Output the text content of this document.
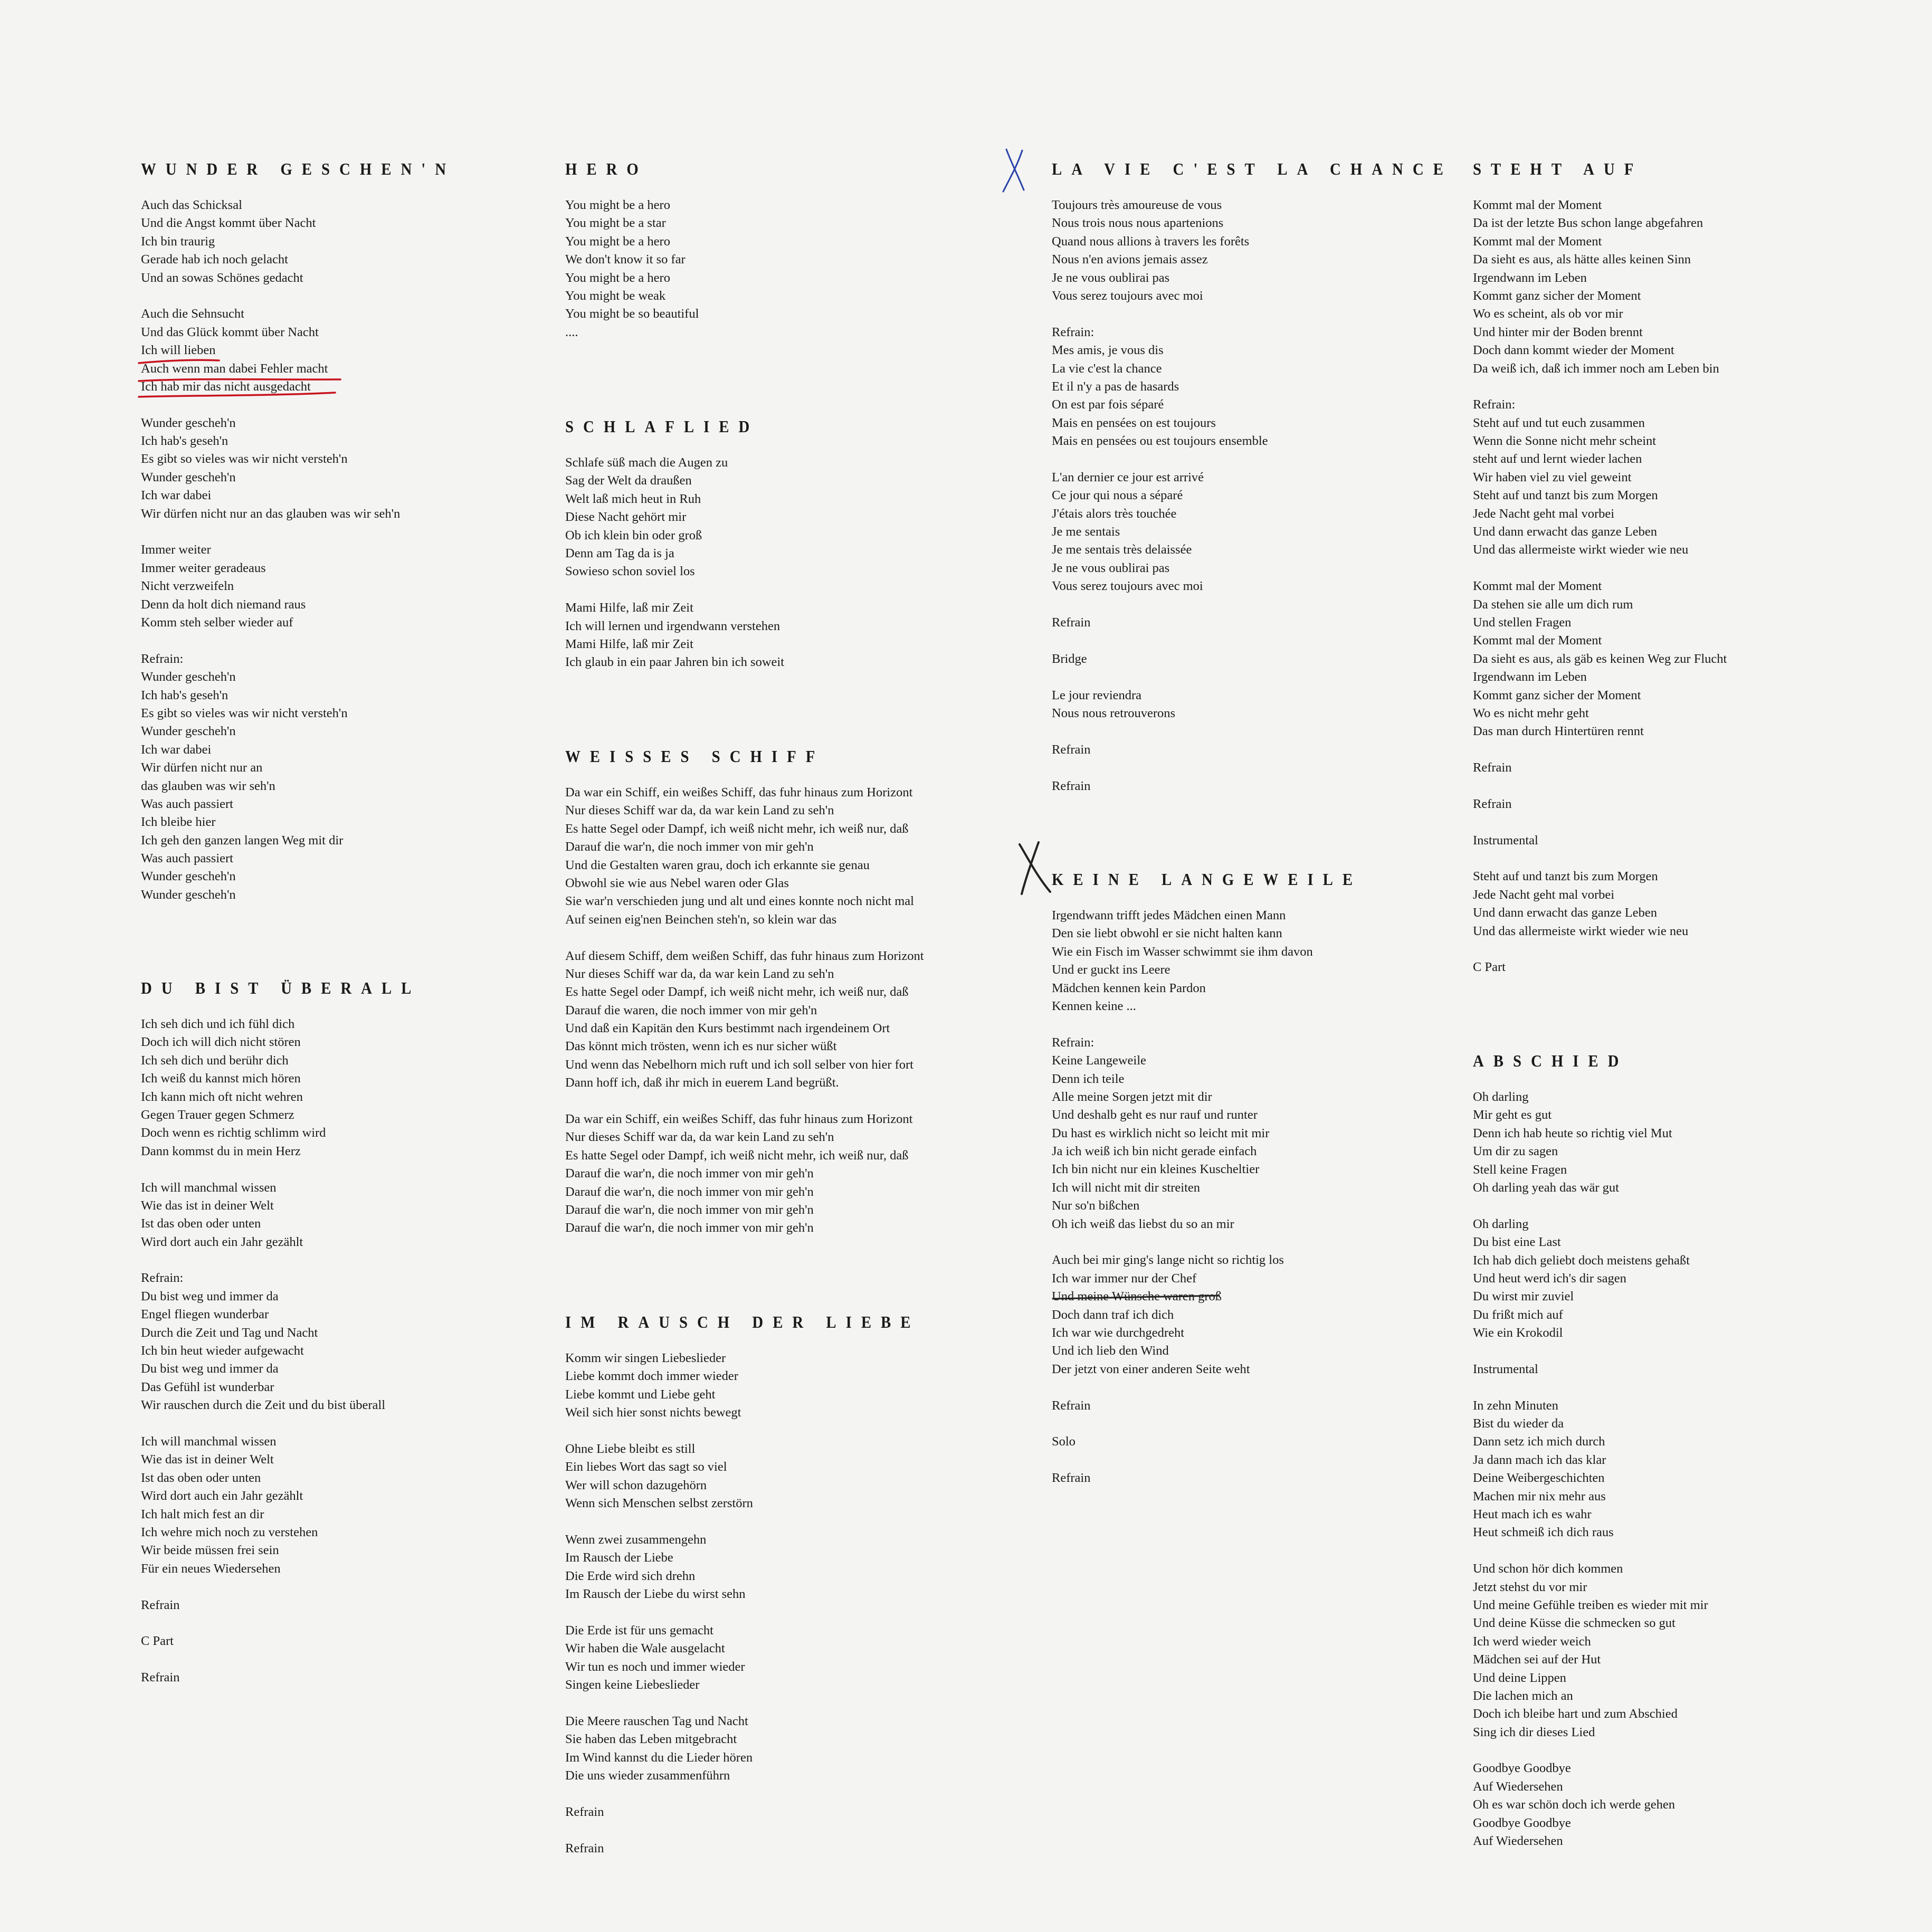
WUNDER GESCHEN'N
Auch das Schicksal
Und die Angst kommt über Nacht
Ich bin traurig
Gerade hab ich noch gelacht
Und an sowas Schönes gedacht
Auch die Sehnsucht
Und das Glück kommt über Nacht
Ich will lieben
Auch wenn man dabei Fehler macht
Ich hab mir das nicht ausgedacht
Wunder gescheh'n
Ich hab's geseh'n
Es gibt so vieles was wir nicht versteh'n
Wunder gescheh'n
Ich war dabei
Wir dürfen nicht nur an das glauben was wir seh'n
Immer weiter
Immer weiter geradeaus
Nicht verzweifeln
Denn da holt dich niemand raus
Komm steh selber wieder auf
Refrain:
Wunder gescheh'n
Ich hab's geseh'n
Es gibt so vieles was wir nicht versteh'n
Wunder gescheh'n
Ich war dabei
Wir dürfen nicht nur an
das glauben was wir seh'n
Was auch passiert
Ich bleibe hier
Ich geh den ganzen langen Weg mit dir
Was auch passiert
Wunder gescheh'n
Wunder gescheh'n
DU BIST ÜBERALL
Ich seh dich und ich fühl dich
Doch ich will dich nicht stören
Ich seh dich und berühr dich
Ich weiß du kannst mich hören
Ich kann mich oft nicht wehren
Gegen Trauer gegen Schmerz
Doch wenn es richtig schlimm wird
Dann kommst du in mein Herz
Ich will manchmal wissen
Wie das ist in deiner Welt
Ist das oben oder unten
Wird dort auch ein Jahr gezählt
Refrain:
Du bist weg und immer da
Engel fliegen wunderbar
Durch die Zeit und Tag und Nacht
Ich bin heut wieder aufgewacht
Du bist weg und immer da
Das Gefühl ist wunderbar
Wir rauschen durch die Zeit und du bist überall
Ich will manchmal wissen
Wie das ist in deiner Welt
Ist das oben oder unten
Wird dort auch ein Jahr gezählt
Ich halt mich fest an dir
Ich wehre mich noch zu verstehen
Wir beide müssen frei sein
Für ein neues Wiedersehen
Refrain
C Part
Refrain
HERO
You might be a hero
You might be a star
You might be a hero
We don't know it so far
You might be a hero
You might be weak
You might be so beautiful
....
SCHLAFLIED
Schlafe süß mach die Augen zu
Sag der Welt da draußen
Welt laß mich heut in Ruh
Diese Nacht gehört mir
Ob ich klein bin oder groß
Denn am Tag da is ja
Sowieso schon soviel los
Mami Hilfe, laß mir Zeit
Ich will lernen und irgendwann verstehen
Mami Hilfe, laß mir Zeit
Ich glaub in ein paar Jahren bin ich soweit
WEISSES SCHIFF
Da war ein Schiff, ein weißes Schiff, das fuhr hinaus zum Horizont
Nur dieses Schiff war da, da war kein Land zu seh'n
Es hatte Segel oder Dampf, ich weiß nicht mehr, ich weiß nur, daß
Darauf die war'n, die noch immer von mir geh'n
Und die Gestalten waren grau, doch ich erkannte sie genau
Obwohl sie wie aus Nebel waren oder Glas
Sie war'n verschieden jung und alt und eines konnte noch nicht mal
Auf seinen eig'nen Beinchen steh'n, so klein war das
Auf diesem Schiff, dem weißen Schiff, das fuhr hinaus zum Horizont
Nur dieses Schiff war da, da war kein Land zu seh'n
Es hatte Segel oder Dampf, ich weiß nicht mehr, ich weiß nur, daß
Darauf die waren, die noch immer von mir geh'n
Und daß ein Kapitän den Kurs bestimmt nach irgendeinem Ort
Das könnt mich trösten, wenn ich es nur sicher wüßt
Und wenn das Nebelhorn mich ruft und ich soll selber von hier fort
Dann hoff ich, daß ihr mich in euerem Land begrüßt.
Da war ein Schiff, ein weißes Schiff, das fuhr hinaus zum Horizont
Nur dieses Schiff war da, da war kein Land zu seh'n
Es hatte Segel oder Dampf, ich weiß nicht mehr, ich weiß nur, daß
Darauf die war'n, die noch immer von mir geh'n
Darauf die war'n, die noch immer von mir geh'n
Darauf die war'n, die noch immer von mir geh'n
Darauf die war'n, die noch immer von mir geh'n
IM RAUSCH DER LIEBE
Komm wir singen Liebeslieder
Liebe kommt doch immer wieder
Liebe kommt und Liebe geht
Weil sich hier sonst nichts bewegt
Ohne Liebe bleibt es still
Ein liebes Wort das sagt so viel
Wer will schon dazugehörn
Wenn sich Menschen selbst zerstörn
Wenn zwei zusammengehn
Im Rausch der Liebe
Die Erde wird sich drehn
Im Rausch der Liebe du wirst sehn
Die Erde ist für uns gemacht
Wir haben die Wale ausgelacht
Wir tun es noch und immer wieder
Singen keine Liebeslieder
Die Meere rauschen Tag und Nacht
Sie haben das Leben mitgebracht
Im Wind kannst du die Lieder hören
Die uns wieder zusammenführn
Refrain
Refrain
LA VIE C'EST LA CHANCE
Toujours très amoureuse de vous
Nous trois nous nous apartenions
Quand nous allions à travers les forêts
Nous n'en avions jemais assez
Je ne vous oublirai pas
Vous serez toujours avec moi
Refrain:
Mes amis, je vous dis
La vie c'est la chance
Et il n'y a pas de hasards
On est par fois séparé
Mais en pensées on est toujours
Mais en pensées ou est toujours ensemble
L'an dernier ce jour est arrivé
Ce jour qui nous a séparé
J'étais alors très touchée
Je me sentais
Je me sentais très delaissée
Je ne vous oublirai pas
Vous serez toujours avec moi
Refrain
Bridge
Le jour reviendra
Nous nous retrouverons
Refrain
Refrain
KEINE LANGEWEILE
Irgendwann trifft jedes Mädchen einen Mann
Den sie liebt obwohl er sie nicht halten kann
Wie ein Fisch im Wasser schwimmt sie ihm davon
Und er guckt ins Leere
Mädchen kennen kein Pardon
Kennen keine ...
Refrain:
Keine Langeweile
Denn ich teile
Alle meine Sorgen jetzt mit dir
Und deshalb geht es nur rauf und runter
Du hast es wirklich nicht so leicht mit mir
Ja ich weiß ich bin nicht gerade einfach
Ich bin nicht nur ein kleines Kuscheltier
Ich will nicht mit dir streiten
Nur so'n bißchen
Oh ich weiß das liebst du so an mir
Auch bei mir ging's lange nicht so richtig los
Ich war immer nur der Chef
Und meine Wünsche waren groß
Doch dann traf ich dich
Ich war wie durchgedreht
Und ich lieb den Wind
Der jetzt von einer anderen Seite weht
Refrain
Solo
Refrain
STEHT AUF
Kommt mal der Moment
Da ist der letzte Bus schon lange abgefahren
Kommt mal der Moment
Da sieht es aus, als hätte alles keinen Sinn
Irgendwann im Leben
Kommt ganz sicher der Moment
Wo es scheint, als ob vor mir
Und hinter mir der Boden brennt
Doch dann kommt wieder der Moment
Da weiß ich, daß ich immer noch am Leben bin
Refrain:
Steht auf und tut euch zusammen
Wenn die Sonne nicht mehr scheint
steht auf und lernt wieder lachen
Wir haben viel zu viel geweint
Steht auf und tanzt bis zum Morgen
Jede Nacht geht mal vorbei
Und dann erwacht das ganze Leben
Und das allermeiste wirkt wieder wie neu
Kommt mal der Moment
Da stehen sie alle um dich rum
Und stellen Fragen
Kommt mal der Moment
Da sieht es aus, als gäb es keinen Weg zur Flucht
Irgendwann im Leben
Kommt ganz sicher der Moment
Wo es nicht mehr geht
Das man durch Hintertüren rennt
Refrain
Refrain
Instrumental
Steht auf und tanzt bis zum Morgen
Jede Nacht geht mal vorbei
Und dann erwacht das ganze Leben
Und das allermeiste wirkt wieder wie neu
C Part
ABSCHIED
Oh darling
Mir geht es gut
Denn ich hab heute so richtig viel Mut
Um dir zu sagen
Stell keine Fragen
Oh darling yeah das wär gut
Oh darling
Du bist eine Last
Ich hab dich geliebt doch meistens gehaßt
Und heut werd ich's dir sagen
Du wirst mir zuviel
Du frißt mich auf
Wie ein Krokodil
Instrumental
In zehn Minuten
Bist du wieder da
Dann setz ich mich durch
Ja dann mach ich das klar
Deine Weibergeschichten
Machen mir nix mehr aus
Heut mach ich es wahr
Heut schmeiß ich dich raus
Und schon hör dich kommen
Jetzt stehst du vor mir
Und meine Gefühle treiben es wieder mit mir
Und deine Küsse die schmecken so gut
Ich werd wieder weich
Mädchen sei auf der Hut
Und deine Lippen
Die lachen mich an
Doch ich bleibe hart und zum Abschied
Sing ich dir dieses Lied
Goodbye Goodbye
Auf Wiedersehen
Oh es war schön doch ich werde gehen
Goodbye Goodbye
Auf Wiedersehen
